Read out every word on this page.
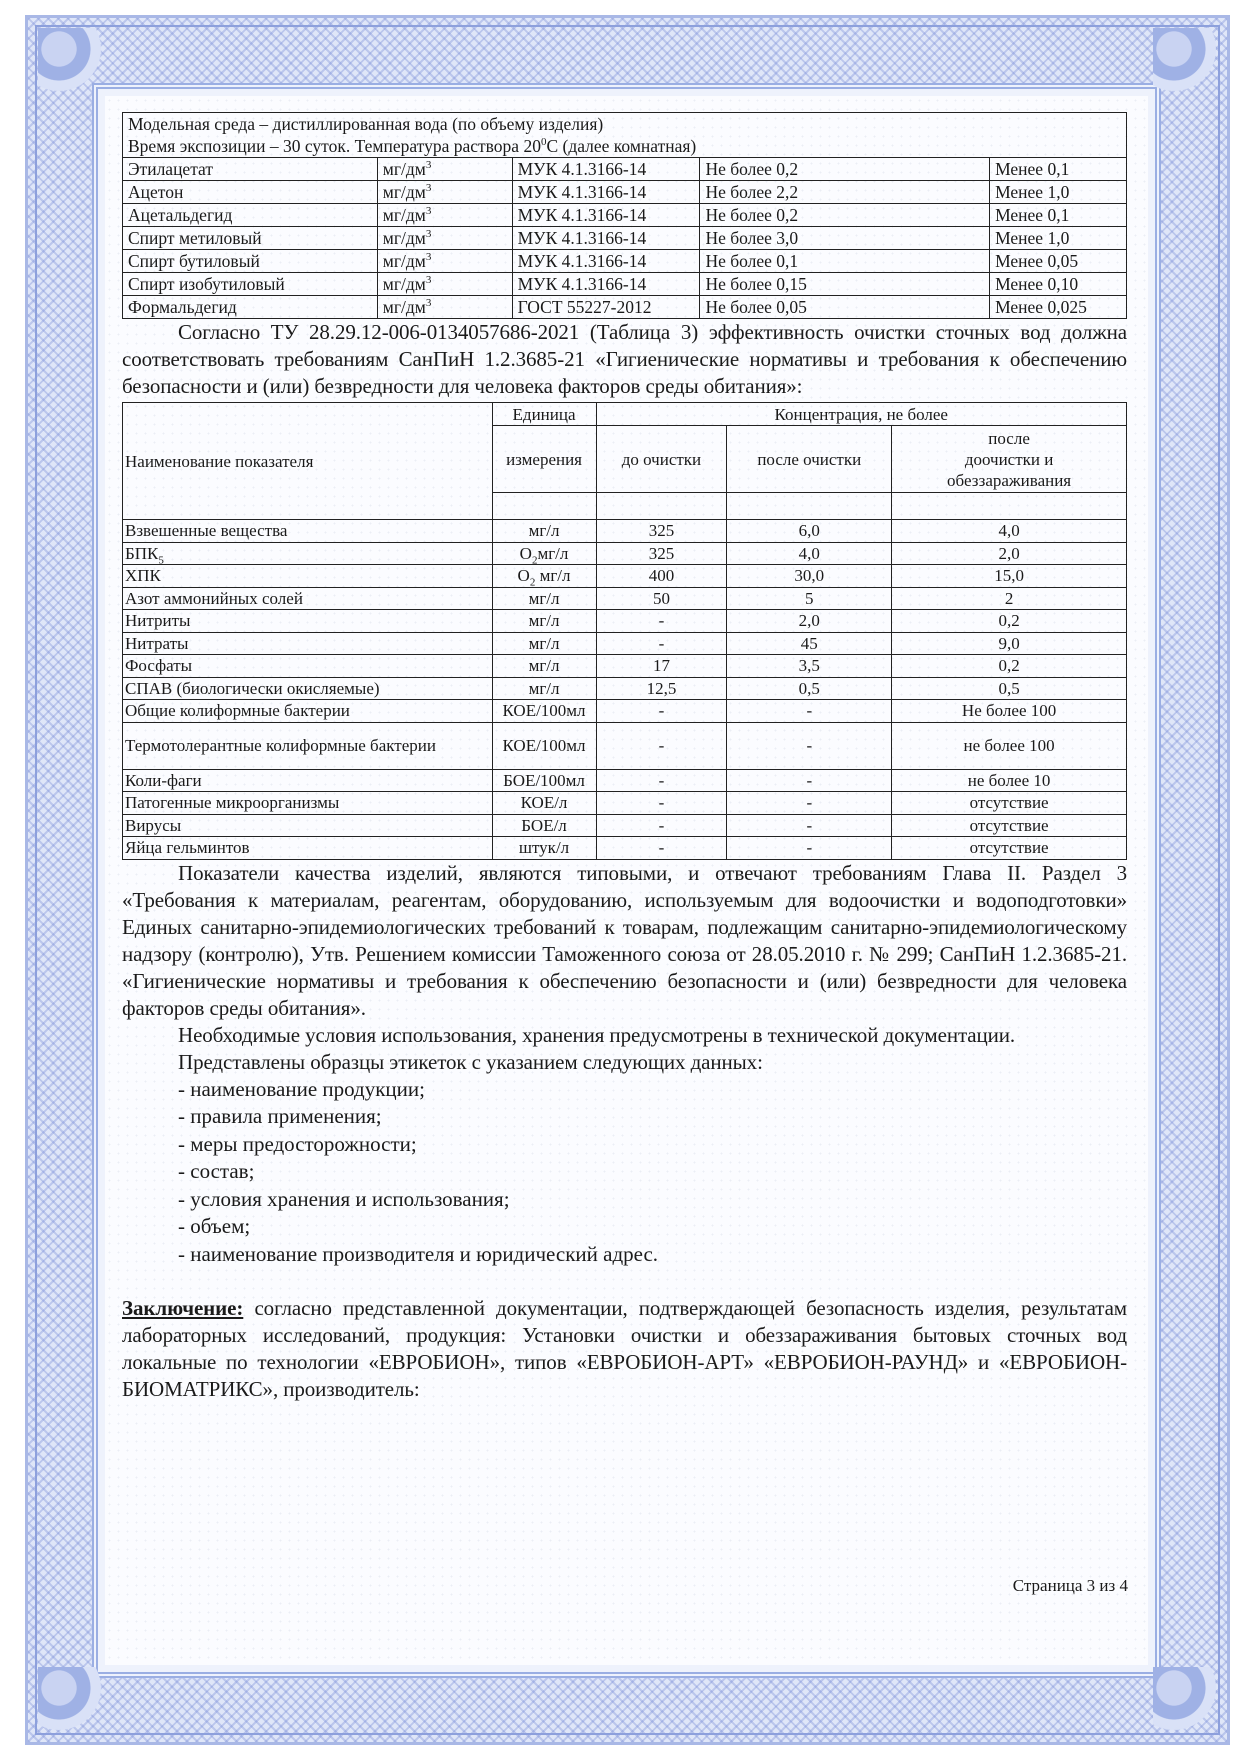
Модельная среда – дистиллированная вода (по объему изделия)				
Время экспозиции – 30 суток. Температура раствора $20^0С$ (далее комнатная)				
Этилацетат	$мг/дм^3$	МУК 4.1.3166-14	Не более 0,2	Менее 0,1
Ацетон	$мг/дм^3$	МУК 4.1.3166-14	Не более 2,2	Менее 1,0
Ацетальдегид	$мг/дм^3$	МУК 4.1.3166-14	Не более 0,2	Менее 0,1
Спирт метиловый	$мг/дм^3$	МУК 4.1.3166-14	Не более 3,0	Менее 1,0
Спирт бутиловый	$мг/дм^3$	МУК 4.1.3166-14	Не более 0,1	Менее 0,05
Спирт изобутиловый	$мг/дм^3$	МУК 4.1.3166-14	Не более 0,15	Менее 0,10
Формальдегид	$мг/дм^3$	ГОСТ 55227-2012	Не более 0,05	Менее 0,025

Согласно ТУ 28.29.12-006-0134057686-2021 (Таблица 3) эффективность очистки сточных вод должна соответствовать требованиям СанПиН 1.2.3685-21 «Гигиенические нормативы и требования к обеспечению безопасности и (или) безвредности для человека факторов среды обитания»:

Наименование показателя	Единица	Концентрация, не более		
	измерения	до очистки	после очистки	после
доочистки и
обеззараживания

Взвешенные вещества	мг/л	325	6,0	4,0
$БПК_5$	$О_2мг/л$	325	4,0	2,0
ХПК	$О_2$ мг/л	400	30,0	15,0
Азот аммонийных солей	мг/л	50	5	2
Нитриты	мг/л	-	2,0	0,2
Нитраты	мг/л	-	45	9,0
Фосфаты	мг/л	17	3,5	0,2
СПАВ (биологически окисляемые)	мг/л	12,5	0,5	0,5
Общие колиформные бактерии	КОЕ/100мл	-	-	Не более 100
Термотолерантные колиформные бактерии	КОЕ/100мл	-	-	не более 100
Коли-фаги	БОЕ/100мл	-	-	не более 10
Патогенные микроорганизмы	КОЕ/л	-	-	отсутствие
Вирусы	БОЕ/л	-	-	отсутствие
Яйца гельминтов	штук/л	-	-	отсутствие

Показатели качества изделий, являются типовыми, и отвечают требованиям Глава II. Раздел 3 «Требования к материалам, реагентам, оборудованию, используемым для водоочистки и водоподготовки» Единых санитарно-эпидемиологических требований к товарам, подлежащим санитарно-эпидемиологическому надзору (контролю), Утв. Решением комиссии Таможенного союза от 28.05.2010 г. № 299; СанПиН 1.2.3685-21. «Гигиенические нормативы и требования к обеспечению безопасности и (или) безвредности для человека факторов среды обитания».

Необходимые условия использования, хранения предусмотрены в технической документации.

Представлены образцы этикеток с указанием следующих данных:

- наименование продукции;

- правила применения;

- меры предосторожности;

- состав;

- условия хранения и использования;

- объем;

- наименование производителя и юридический адрес.

Заключение: согласно представленной документации, подтверждающей безопасность изделия, результатам лабораторных исследований, продукция: Установки очистки и обеззараживания бытовых сточных вод локальные по технологии «ЕВРОБИОН», типов «ЕВРОБИОН-АРТ» «ЕВРОБИОН-РАУНД» и «ЕВРОБИОН-БИОМАТРИКС», производитель:

Страница 3 из 4
